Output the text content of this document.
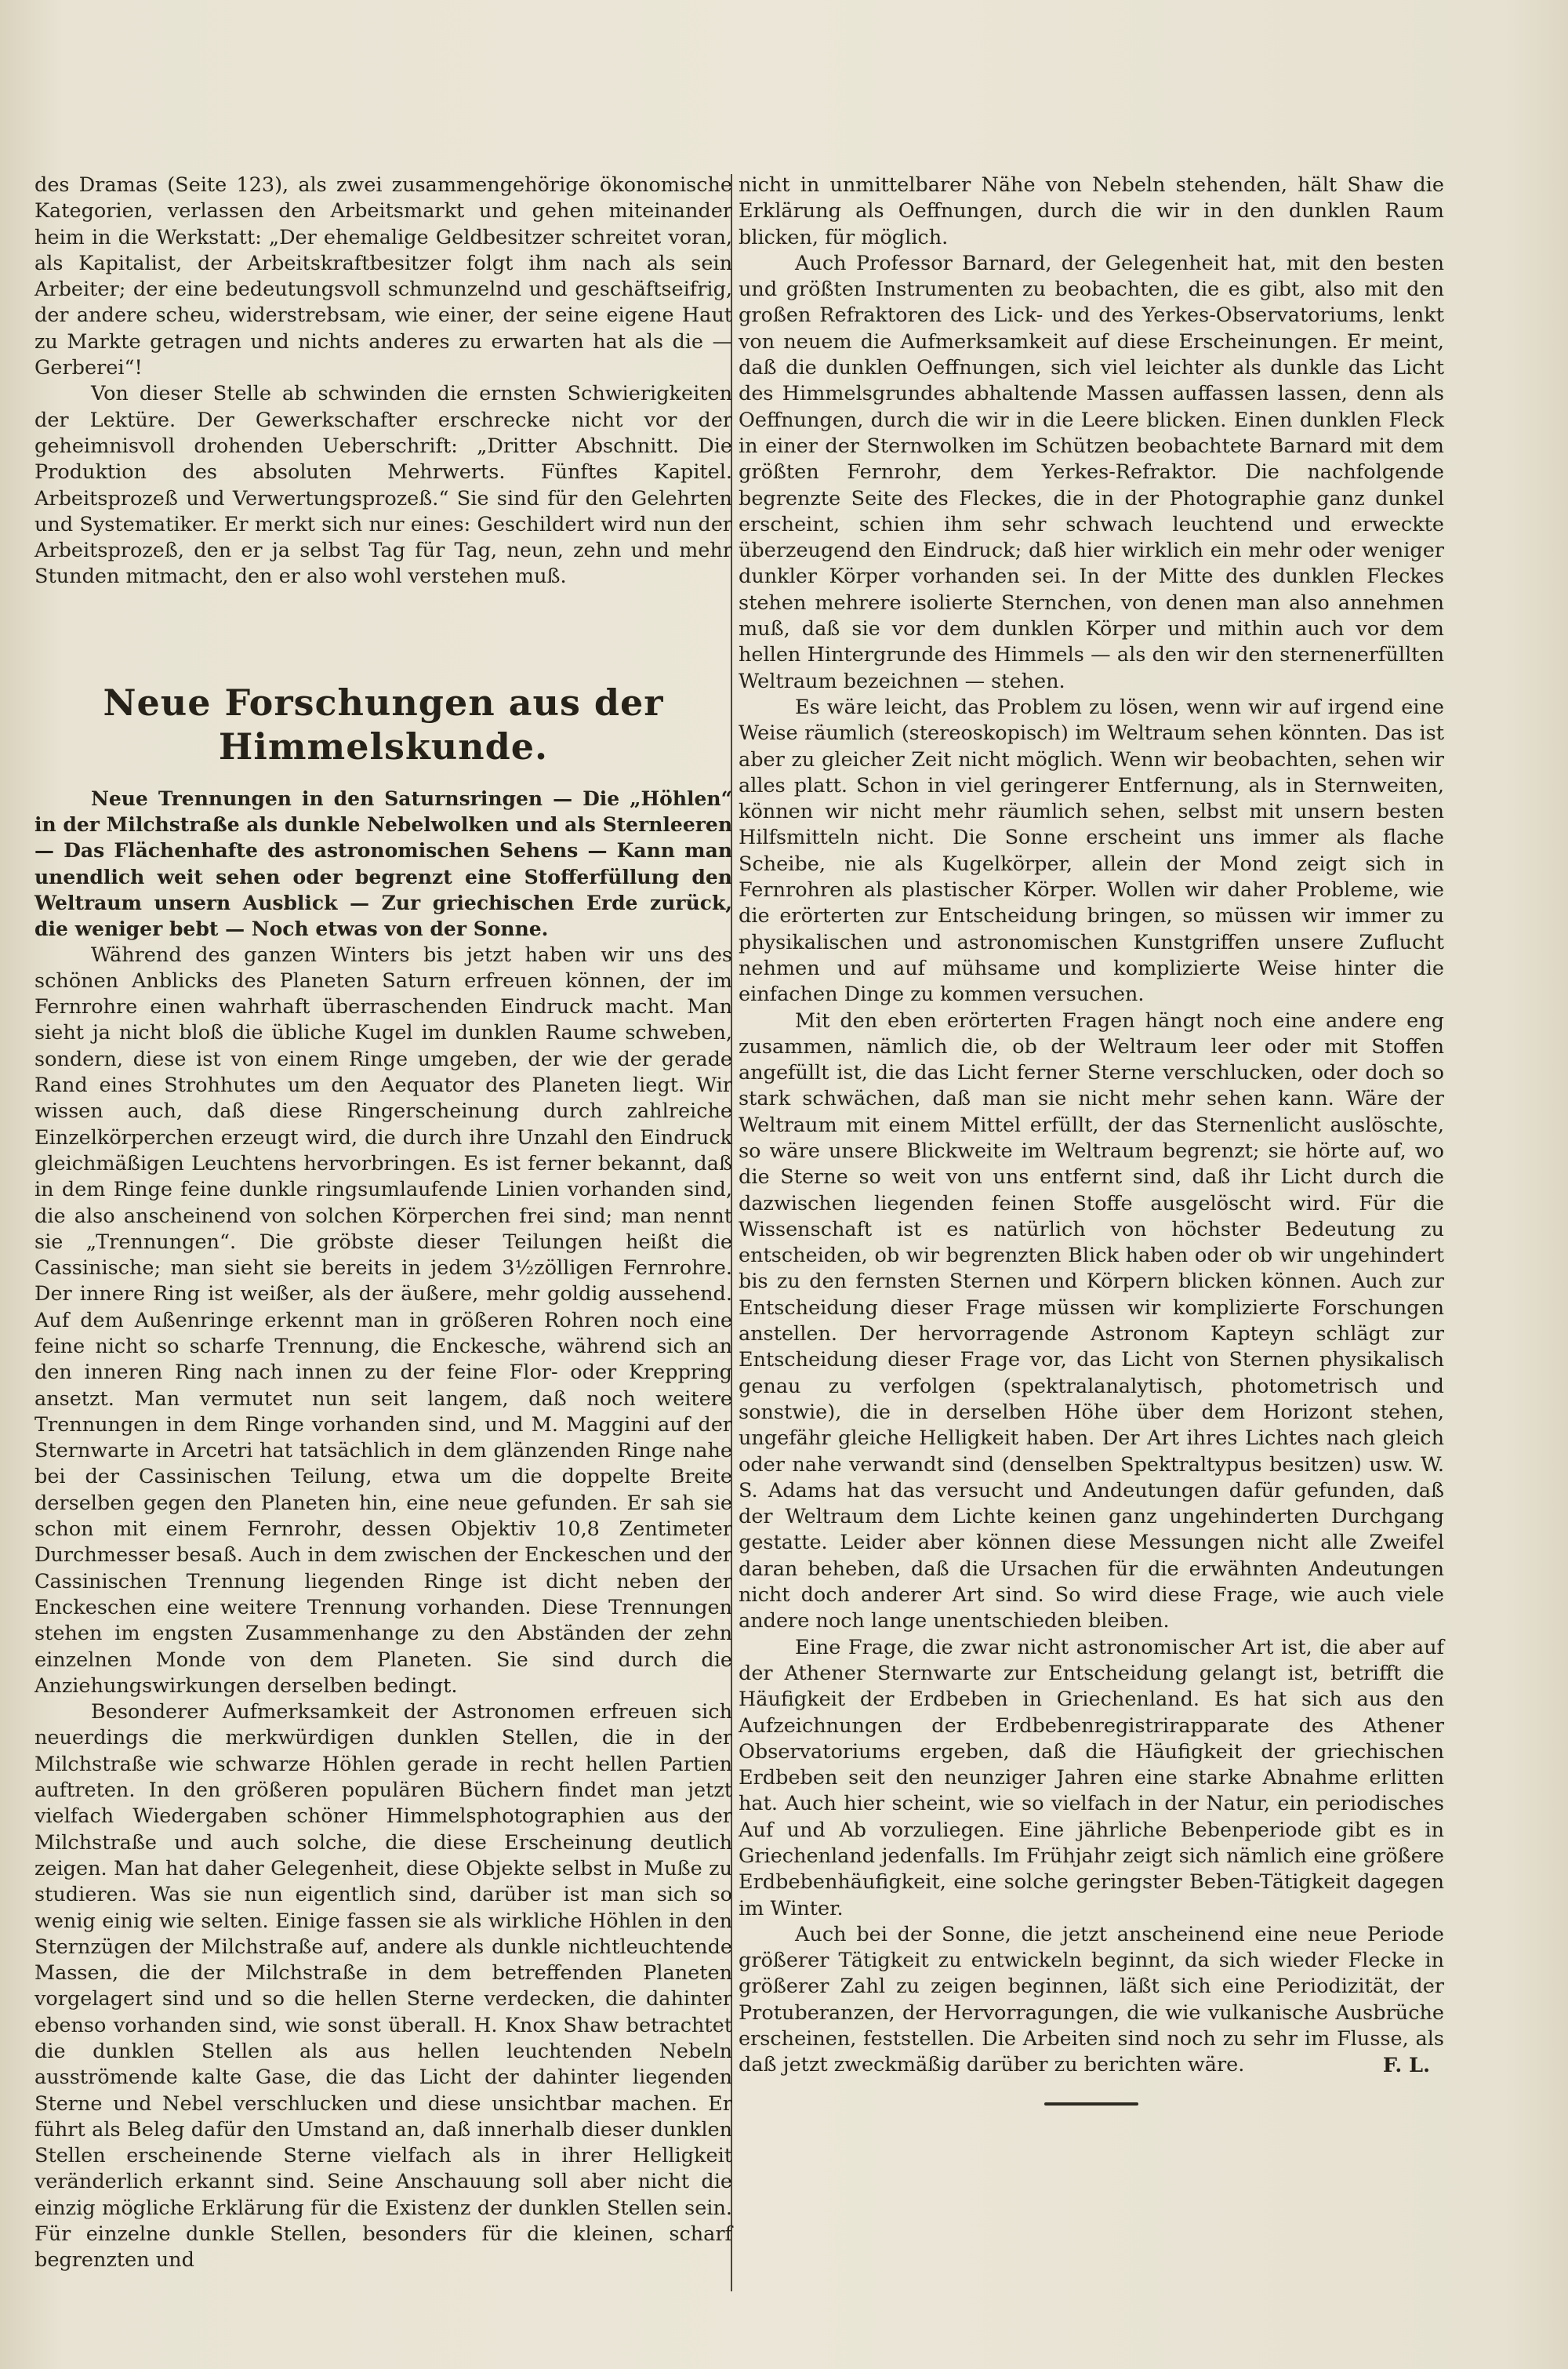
des Dramas (Seite 123), als zwei zusammengehörige ökonomische Kategorien, verlassen den Arbeitsmarkt und gehen miteinander heim in die Werkstatt: „Der ehemalige Geldbesitzer schreitet voran, als Kapitalist, der Arbeitskraftbesitzer folgt ihm nach als sein Arbeiter; der eine bedeutungsvoll schmunzelnd und geschäftseifrig, der andere scheu, widerstrebsam, wie einer, der seine eigene Haut zu Markte getragen und nichts anderes zu erwarten hat als die — Gerberei“!

Von dieser Stelle ab schwinden die ernsten Schwierigkeiten der Lektüre. Der Gewerkschafter erschrecke nicht vor der geheimnisvoll drohenden Ueberschrift: „Dritter Abschnitt. Die Produktion des absoluten Mehrwerts. Fünftes Kapitel. Arbeitsprozeß und Verwertungsprozeß.“ Sie sind für den Gelehrten und Systematiker. Er merkt sich nur eines: Geschildert wird nun der Arbeitsprozeß, den er ja selbst Tag für Tag, neun, zehn und mehr Stunden mitmacht, den er also wohl verstehen muß.

Neue Forschungen aus der Himmelskunde.

Neue Trennungen in den Saturnsringen — Die „Höhlen“ in der Milchstraße als dunkle Nebelwolken und als Sternleeren — Das Flächenhafte des astronomischen Sehens — Kann man unendlich weit sehen oder begrenzt eine Stofferfüllung den Weltraum unsern Ausblick — Zur griechischen Erde zurück, die weniger bebt — Noch etwas von der Sonne.

Während des ganzen Winters bis jetzt haben wir uns des schönen Anblicks des Planeten Saturn erfreuen können, der im Fernrohre einen wahrhaft überraschenden Eindruck macht. Man sieht ja nicht bloß die übliche Kugel im dunklen Raume schweben, sondern, diese ist von einem Ringe umgeben, der wie der gerade Rand eines Strohhutes um den Aequator des Planeten liegt. Wir wissen auch, daß diese Ringerscheinung durch zahlreiche Einzelkörperchen erzeugt wird, die durch ihre Unzahl den Eindruck gleichmäßigen Leuchtens hervorbringen. Es ist ferner bekannt, daß in dem Ringe feine dunkle ringsumlaufende Linien vorhanden sind, die also anscheinend von solchen Körperchen frei sind; man nennt sie „Trennungen“. Die gröbste dieser Teilungen heißt die Cassinische; man sieht sie bereits in jedem 3½zölligen Fernrohre. Der innere Ring ist weißer, als der äußere, mehr goldig aussehend. Auf dem Außenringe erkennt man in größeren Rohren noch eine feine nicht so scharfe Trennung, die Enckesche, während sich an den inneren Ring nach innen zu der feine Flor- oder Kreppring ansetzt. Man vermutet nun seit langem, daß noch weitere Trennungen in dem Ringe vorhanden sind, und M. Maggini auf der Sternwarte in Arcetri hat tatsächlich in dem glänzenden Ringe nahe bei der Cassinischen Teilung, etwa um die doppelte Breite derselben gegen den Planeten hin, eine neue gefunden. Er sah sie schon mit einem Fernrohr, dessen Objektiv 10,8 Zentimeter Durchmesser besaß. Auch in dem zwischen der Enckeschen und der Cassinischen Trennung liegenden Ringe ist dicht neben der Enckeschen eine weitere Trennung vorhanden. Diese Trennungen stehen im engsten Zusammenhange zu den Abständen der zehn einzelnen Monde von dem Planeten. Sie sind durch die Anziehungswirkungen derselben bedingt.

Besonderer Aufmerksamkeit der Astronomen erfreuen sich neuerdings die merkwürdigen dunklen Stellen, die in der Milchstraße wie schwarze Höhlen gerade in recht hellen Partien auftreten. In den größeren populären Büchern findet man jetzt vielfach Wiedergaben schöner Himmelsphotographien aus der Milchstraße und auch solche, die diese Erscheinung deutlich zeigen. Man hat daher Gelegenheit, diese Objekte selbst in Muße zu studieren. Was sie nun eigentlich sind, darüber ist man sich so wenig einig wie selten. Einige fassen sie als wirkliche Höhlen in den Sternzügen der Milchstraße auf, andere als dunkle nichtleuchtende Massen, die der Milchstraße in dem betreffenden Planeten vorgelagert sind und so die hellen Sterne verdecken, die dahinter ebenso vorhanden sind, wie sonst überall. H. Knox Shaw betrachtet die dunklen Stellen als aus hellen leuchtenden Nebeln ausströmende kalte Gase, die das Licht der dahinter liegenden Sterne und Nebel verschlucken und diese unsichtbar machen. Er führt als Beleg dafür den Umstand an, daß innerhalb dieser dunklen Stellen erscheinende Sterne vielfach als in ihrer Helligkeit veränderlich erkannt sind. Seine Anschauung soll aber nicht die einzig mögliche Erklärung für die Existenz der dunklen Stellen sein. Für einzelne dunkle Stellen, besonders für die kleinen, scharf begrenzten und

nicht in unmittelbarer Nähe von Nebeln stehenden, hält Shaw die Erklärung als Oeffnungen, durch die wir in den dunklen Raum blicken, für möglich.

Auch Professor Barnard, der Gelegenheit hat, mit den besten und größten Instrumenten zu beobachten, die es gibt, also mit den großen Refraktoren des Lick- und des Yerkes-Observatoriums, lenkt von neuem die Aufmerksamkeit auf diese Erscheinungen. Er meint, daß die dunklen Oeffnungen, sich viel leichter als dunkle das Licht des Himmelsgrundes abhaltende Massen auffassen lassen, denn als Oeffnungen, durch die wir in die Leere blicken. Einen dunklen Fleck in einer der Sternwolken im Schützen beobachtete Barnard mit dem größten Fernrohr, dem Yerkes-Refraktor. Die nachfolgende begrenzte Seite des Fleckes, die in der Photographie ganz dunkel erscheint, schien ihm sehr schwach leuchtend und erweckte überzeugend den Eindruck; daß hier wirklich ein mehr oder weniger dunkler Körper vorhanden sei. In der Mitte des dunklen Fleckes stehen mehrere isolierte Sternchen, von denen man also annehmen muß, daß sie vor dem dunklen Körper und mithin auch vor dem hellen Hintergrunde des Himmels — als den wir den sternenerfüllten Weltraum bezeichnen — stehen.

Es wäre leicht, das Problem zu lösen, wenn wir auf irgend eine Weise räumlich (stereoskopisch) im Weltraum sehen könnten. Das ist aber zu gleicher Zeit nicht möglich. Wenn wir beobachten, sehen wir alles platt. Schon in viel geringerer Entfernung, als in Sternweiten, können wir nicht mehr räumlich sehen, selbst mit unsern besten Hilfsmitteln nicht. Die Sonne erscheint uns immer als flache Scheibe, nie als Kugelkörper, allein der Mond zeigt sich in Fernrohren als plastischer Körper. Wollen wir daher Probleme, wie die erörterten zur Entscheidung bringen, so müssen wir immer zu physikalischen und astronomischen Kunstgriffen unsere Zuflucht nehmen und auf mühsame und komplizierte Weise hinter die einfachen Dinge zu kommen versuchen.

Mit den eben erörterten Fragen hängt noch eine andere eng zusammen, nämlich die, ob der Weltraum leer oder mit Stoffen angefüllt ist, die das Licht ferner Sterne verschlucken, oder doch so stark schwächen, daß man sie nicht mehr sehen kann. Wäre der Weltraum mit einem Mittel erfüllt, der das Sternenlicht auslöschte, so wäre unsere Blickweite im Weltraum begrenzt; sie hörte auf, wo die Sterne so weit von uns entfernt sind, daß ihr Licht durch die dazwischen liegenden feinen Stoffe ausgelöscht wird. Für die Wissenschaft ist es natürlich von höchster Bedeutung zu entscheiden, ob wir begrenzten Blick haben oder ob wir ungehindert bis zu den fernsten Sternen und Körpern blicken können. Auch zur Entscheidung dieser Frage müssen wir komplizierte Forschungen anstellen. Der hervorragende Astronom Kapteyn schlägt zur Entscheidung dieser Frage vor, das Licht von Sternen physikalisch genau zu verfolgen (spektralanalytisch, photometrisch und sonstwie), die in derselben Höhe über dem Horizont stehen, ungefähr gleiche Helligkeit haben. Der Art ihres Lichtes nach gleich oder nahe verwandt sind (denselben Spektraltypus besitzen) usw. W. S. Adams hat das versucht und Andeutungen dafür gefunden, daß der Weltraum dem Lichte keinen ganz ungehinderten Durchgang gestatte. Leider aber können diese Messungen nicht alle Zweifel daran beheben, daß die Ursachen für die erwähnten Andeutungen nicht doch anderer Art sind. So wird diese Frage, wie auch viele andere noch lange unentschieden bleiben.

Eine Frage, die zwar nicht astronomischer Art ist, die aber auf der Athener Sternwarte zur Entscheidung gelangt ist, betrifft die Häufigkeit der Erdbeben in Griechenland. Es hat sich aus den Aufzeichnungen der Erdbebenregistrirapparate des Athener Observatoriums ergeben, daß die Häufigkeit der griechischen Erdbeben seit den neunziger Jahren eine starke Abnahme erlitten hat. Auch hier scheint, wie so vielfach in der Natur, ein periodisches Auf und Ab vorzuliegen. Eine jährliche Bebenperiode gibt es in Griechenland jedenfalls. Im Frühjahr zeigt sich nämlich eine größere Erdbebenhäufigkeit, eine solche geringster Beben-Tätigkeit dagegen im Winter.

Auch bei der Sonne, die jetzt anscheinend eine neue Periode größerer Tätigkeit zu entwickeln beginnt, da sich wieder Flecke in größerer Zahl zu zeigen beginnen, läßt sich eine Periodizität, der Protuberanzen, der Hervorragungen, die wie vulkanische Ausbrüche erscheinen, feststellen. Die Arbeiten sind noch zu sehr im Flusse, als daß jetzt zweckmäßig darüber zu berichten wäre.	F. L.
